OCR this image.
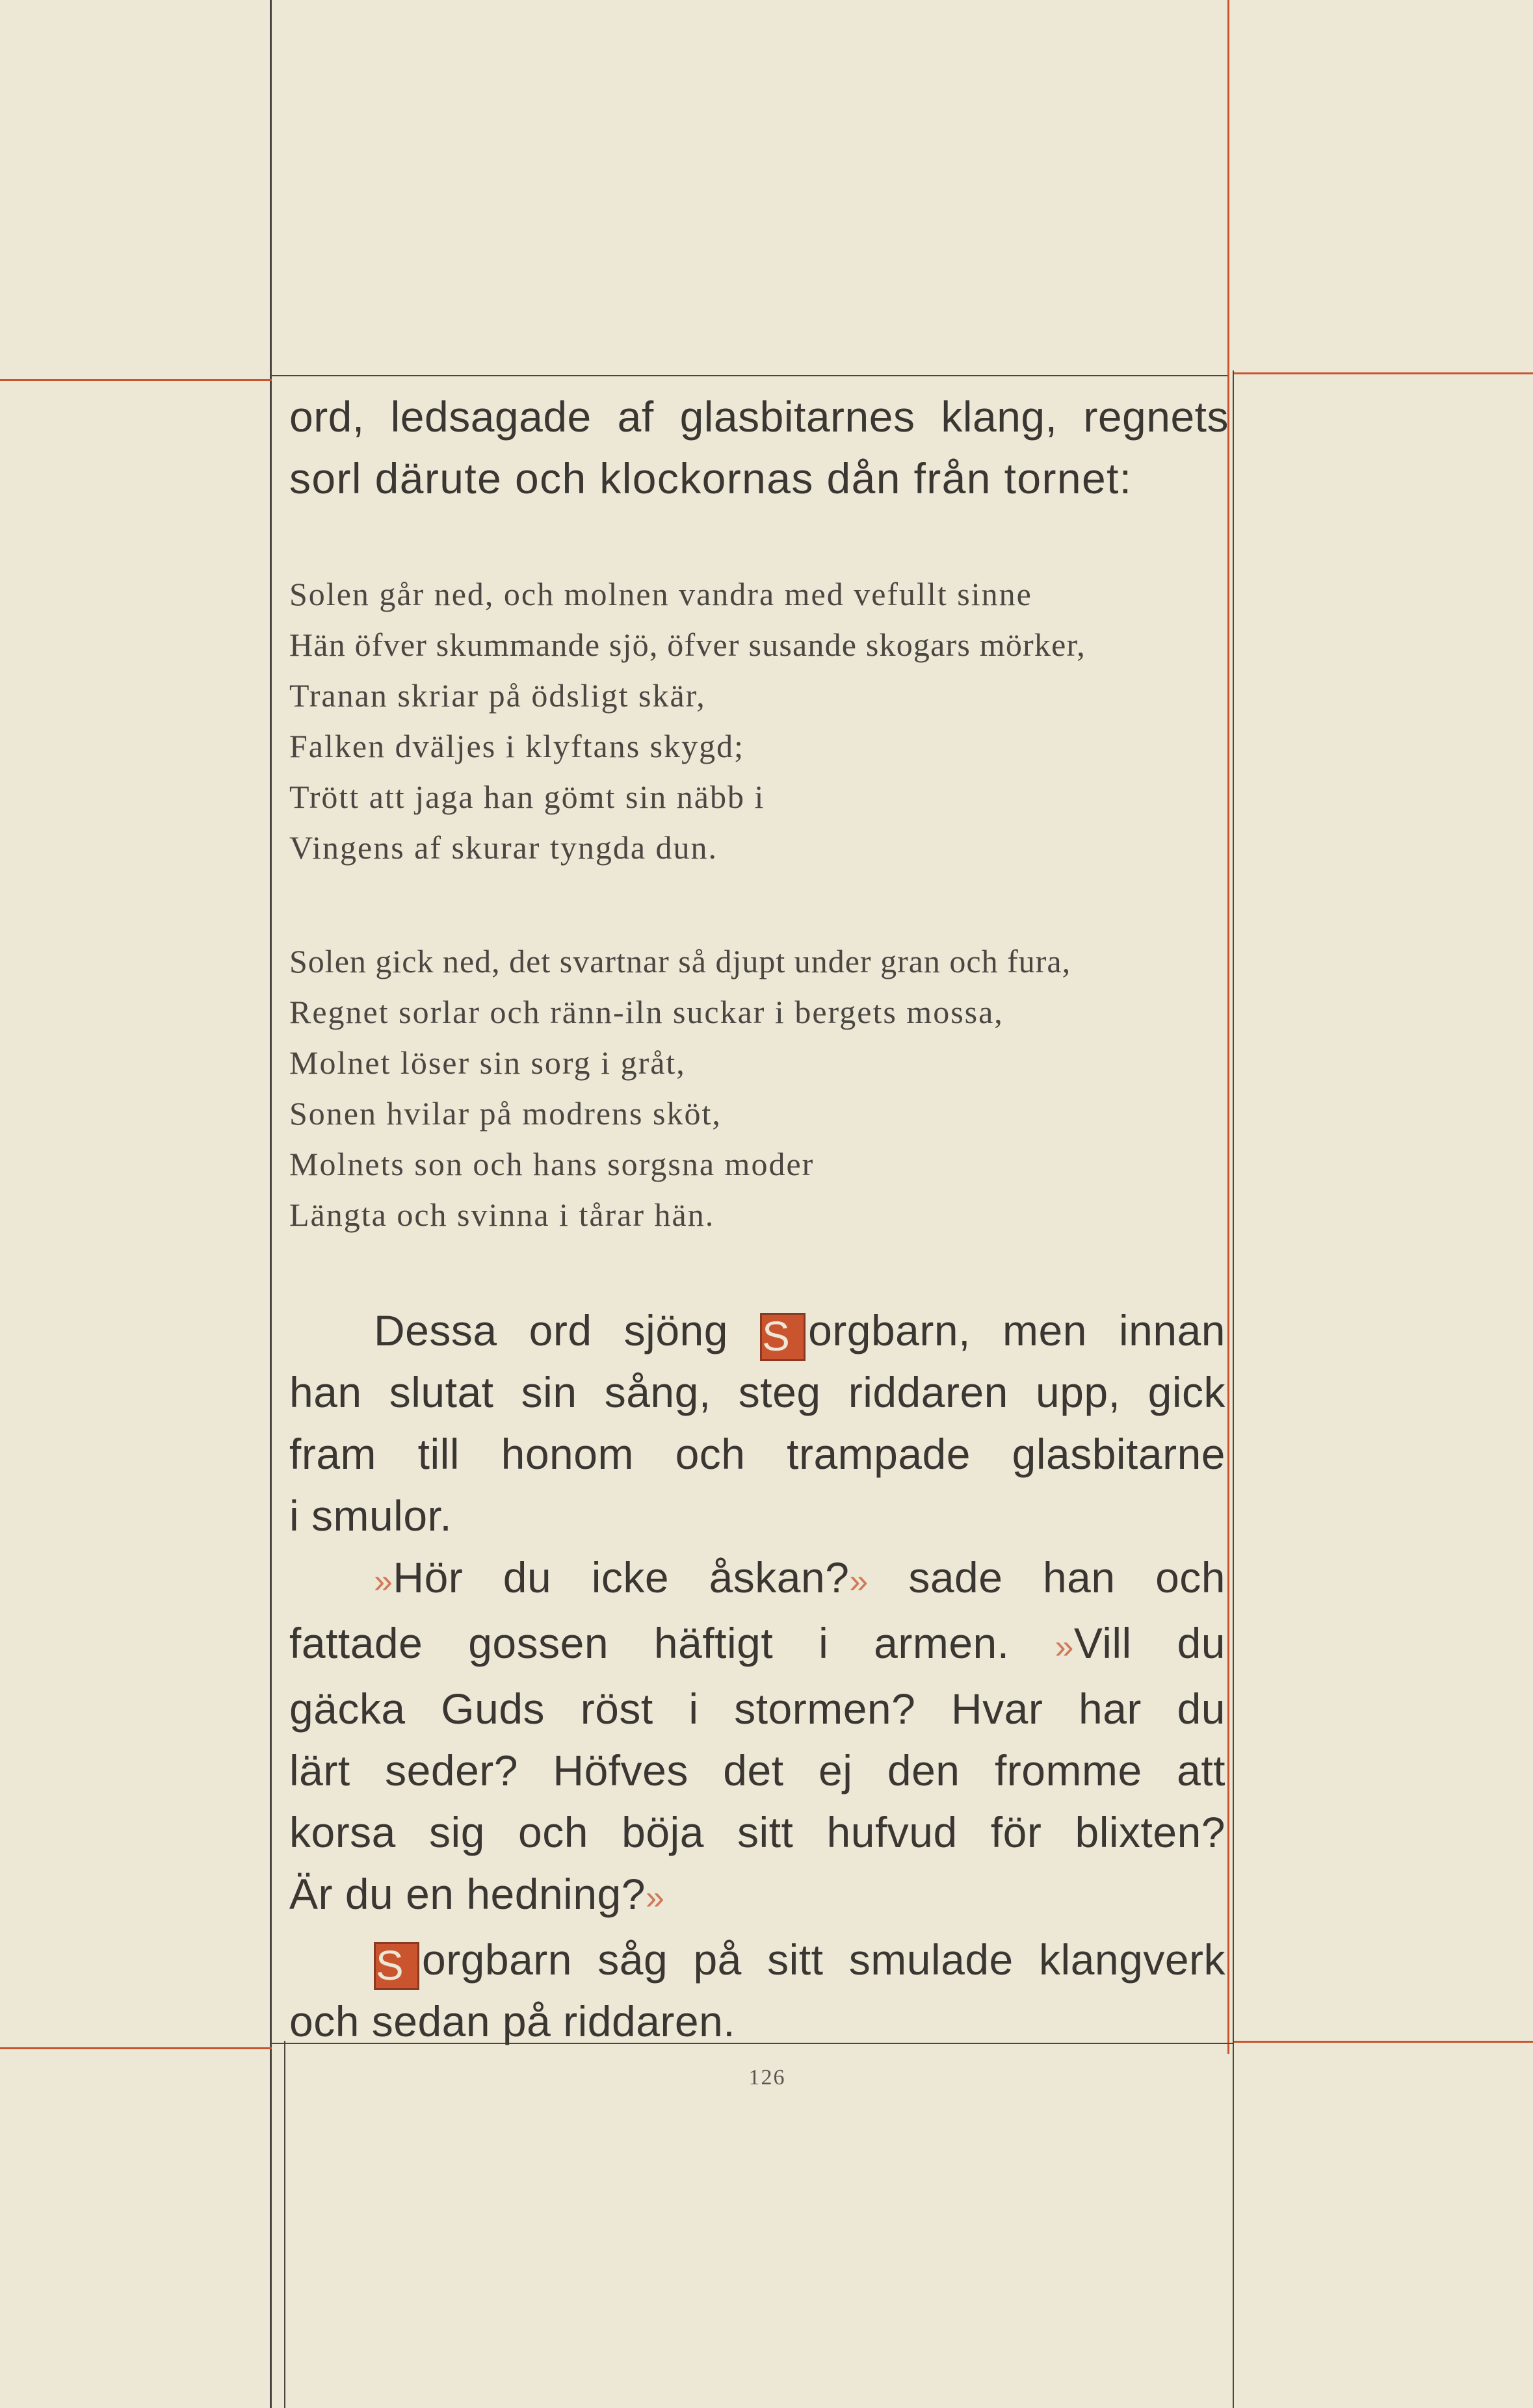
ord, ledsagade af glasbitarnes klang, regnets
sorl därute och klockornas dån från tornet:
Solen går ned, och molnen vandra med vefullt sinne
Hän öfver skummande sjö, öfver susande skogars mörker,
Tranan skriar på ödsligt skär,
Falken dväljes i klyftans skygd;
Trött att jaga han gömt sin näbb i
Vingens af skurar tyngda dun.
Solen gick ned, det svartnar så djupt under gran och fura,
Regnet sorlar och ränn-iln suckar i bergets mossa,
Molnet löser sin sorg i gråt,
Sonen hvilar på modrens sköt,
Molnets son och hans sorgsna moder
Längta och svinna i tårar hän.
Dessa ord sjöng S orgbarn, men innan
han slutat sin sång, steg riddaren upp, gick
fram till honom och trampade glasbitarne
i smulor.
»Hör du icke åskan?» sade han och
fattade gossen häftigt i armen. »Vill du
gäcka Guds röst i stormen? Hvar har du
lärt seder? Höfves det ej den fromme att
korsa sig och böja sitt hufvud för blixten?
Är du en hedning?»
S orgbarn såg på sitt smulade klangverk
och sedan på riddaren.
126
